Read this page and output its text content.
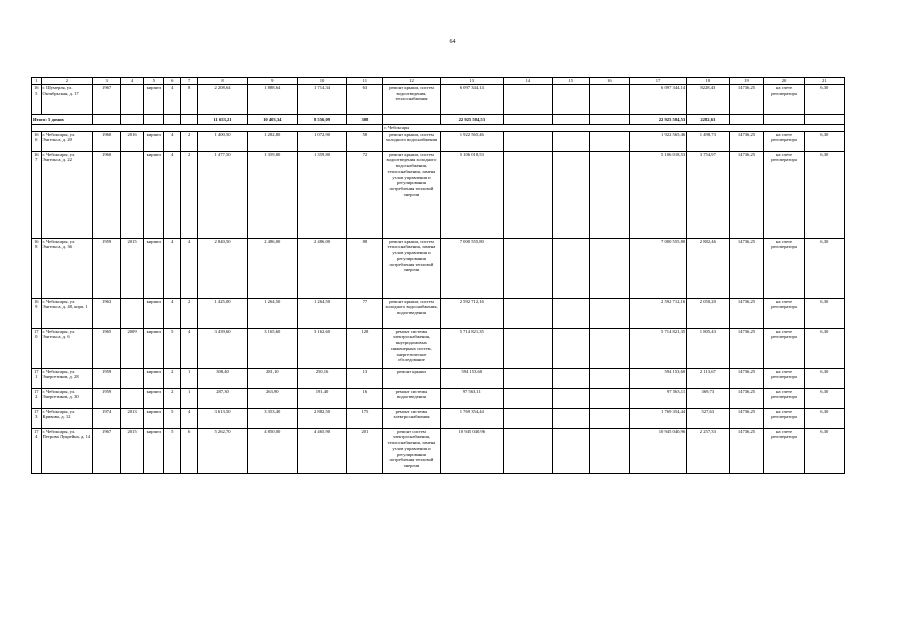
64
1	2	3	4	5	6	7	8	9	10	11	12	13	14	15	16	17	18	19	20	21
165	г. Шумерля, ул. Октябрьская, д. 17	1967		кирпич	4	8	2 208,64	1 888,64	1 714,34	63	ремонт крыши, систем водоотведения, теплоснабжения	6 097 344,14				6 097 344,14	8228,43	14736,25	на счете регоператора	6,30
Итого: 5 домов							11 653,21	10 403,34	8 556,09	308		22 925 584,53				22 925 584,53	2282,63			
											г. Чебоксары									
166	г. Чебоксары, ул. Энгельса, д. 20	1960	2016	кирпич	4	2	1 400,50	1 282,80	1 072,90	58	ремонт крыши, систем холодного водоснабжения	1 922 565,46				1 922 565,46	1 498,73	14736,25	на счете регоператора	6,30
167	г. Чебоксары, ул. Энгельса, д. 22	1960		кирпич	4	2	1 477,50	1 359,80	1 359,80	72	ремонт крыши, систем водоотведения холодного водоснабжения, теплоснабжения, замена узлов управления и регулирования потребления тепловой энергии	5 106 018,53				5 106 018,53	3 754,97	14736,25	на счете регоператора	6,30
168	г. Чебоксары, ул. Энгельса, д. 36	1959	2015	кирпич	4	4	2 840,50	2 486,00	2 486,00	88	ремонт крыши, систем теплоснабжения, замена узлов управления и регулирования потребления тепловой энергии	7 000 555,80				7 000 555,80	2 882,46	14736,25	на счете регоператора	6,30
169	г. Чебоксары, ул. Энгельса, д. 48, корп. 1	1963		кирпич	4	2	1 425,00	1 264,50	1 264,50	77	ремонт крыши, систем холодного водоснабжения, водоотведения	2 592 712,16				2 592 712,16	2 050,20	14736,25	на счете регоператора	6,30
170	г. Чебоксары, ул. Энгельса, д. 6	1965	2009	кирпич	5	4	3 439,60	3 165,60	3 162,60	128	ремонт системы электроснабжения, внутридомовых инженерных систем, энергетическое обследование	5 714 821,35				5 714 821,35	1 805,43	14736,25	на счете регоператора	6,30
171	г. Чебоксары, ул. Энергетиков, д. 28	1959		кирпич	2	1	308,40	281,10	250,16	13	ремонт крыши	594 153,60				594 153,60	2 113,67	14736,25	на счете регоператора	6,30
172	г. Чебоксары, ул. Энергетиков, д. 30	1959		кирпич	2	1	287,30	263,90	191,40	16	ремонт системы водоотведения	97 563,11				97 563,11	369,73	14736,25	на счете регоператора	6,30
173	г. Чебоксары, ул. Кривова, д. 12	1974	2013	кирпич	5	4	3 613,50	3 353,40	2 882,50	175	ремонт системы электроснабжения	1 769 354,44				1 769 354,44	527,63	14736,25	на счете регоператора	6,30
174	г. Чебоксары, ул. Петрова Лукрейна, д. 14	1967	2015	кирпич	5	6	5 262,70	4 850,00	4 465,90	201	ремонт систем электроснабжения, теплоснабжения, замена узлов управления и регулирования потребления тепловой энергии	10 945 040,96				10 945 040,96	2 257,33	14736,25	на счете регоператора	6,30
